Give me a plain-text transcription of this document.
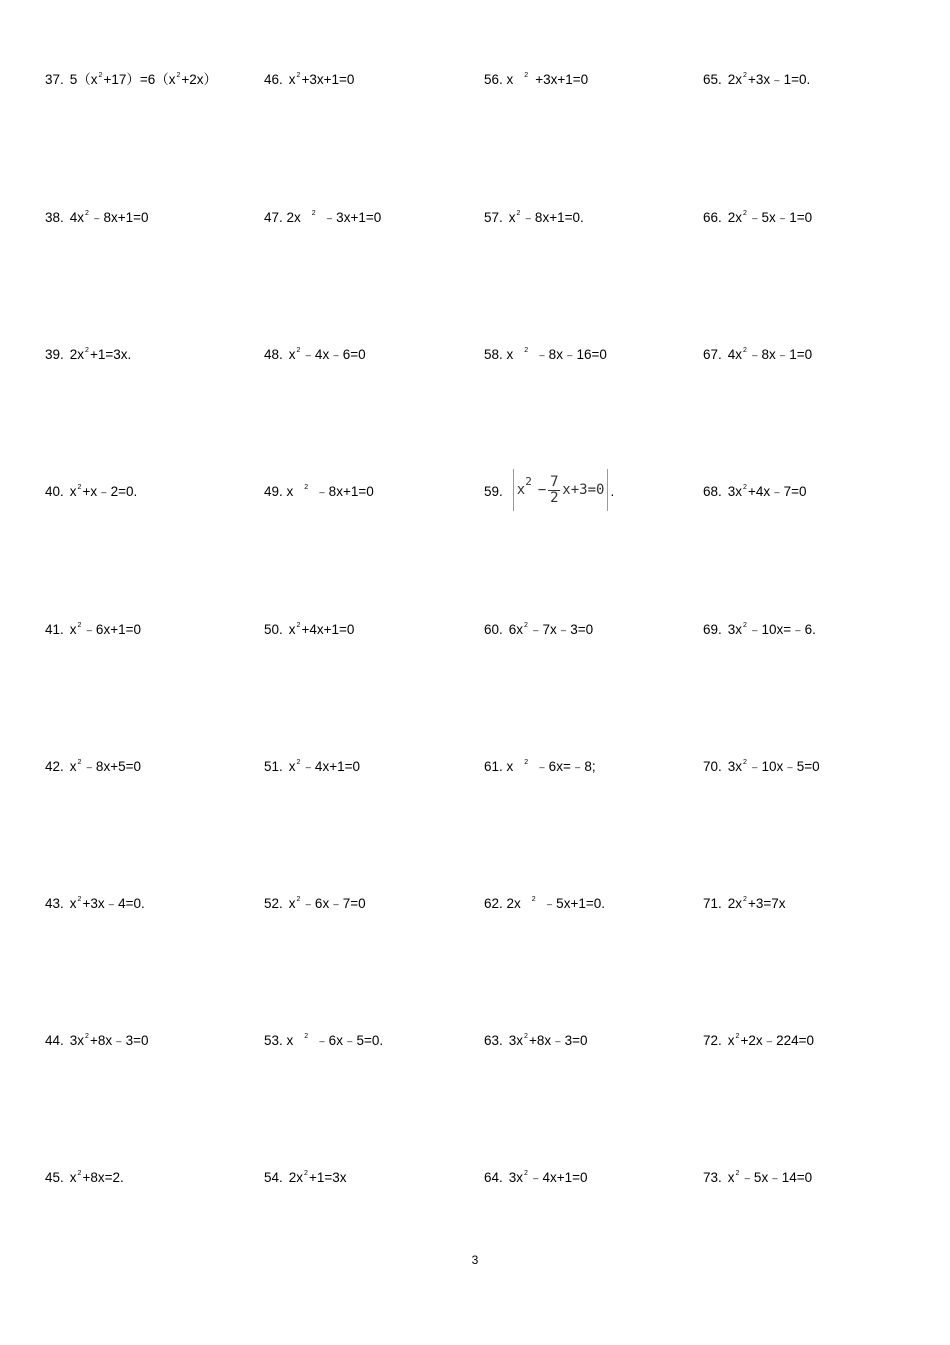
37. $5(x^2+17)=6(x^2+2x)$
38. $4x^2﹣8x+1=0$
39. $2x^2+1=3x$.
40. $x^2+x﹣2=0$.
41. $x^2﹣6x+1=0$
42. $x^2﹣8x+5=0$
43. $x^2+3x﹣4=0$.
44. $3x^2+8x﹣3=0$
45. $x^2+8x=2$.
46. $x^2+3x+1=0$
47. 2x $^2$ ﹣3x+1=0
48. $x^2﹣4x﹣6=0$
49. x $^2$ ﹣8x+1=0
50. $x^2+4x+1=0$
51. $x^2﹣4x+1=0$
52. $x^2﹣6x﹣7=0$
53. x $^2$ ﹣6x﹣5=0.
54. $2x^2+1=3x$
56. x $^2$ +3x+1=0
57. $x^2﹣8x+1=0$.
58. x $^2$ ﹣8x﹣16=0
59. x
$^2$
− $\frac{7}{2} x+3=0$ .
60. $6x^2﹣7x﹣3=0$
61. x $^2$ ﹣6x=﹣8;
62. 2x $^2$ ﹣5x+1=0.
63. $3x^2+8x﹣3=0$
64. $3x^2﹣4x+1=0$
65. $2x^2+3x﹣1=0$.
66. $2x^2﹣5x﹣1=0$
67. $4x^2﹣8x﹣1=0$
68. $3x^2+4x﹣7=0$
69. $3x^2﹣10x=﹣6$.
70. $3x^2﹣10x﹣5=0$
71. $2x^2+3=7x$
72. $x^2+2x﹣224=0$
73. $x^2﹣5x﹣14=0$
3
